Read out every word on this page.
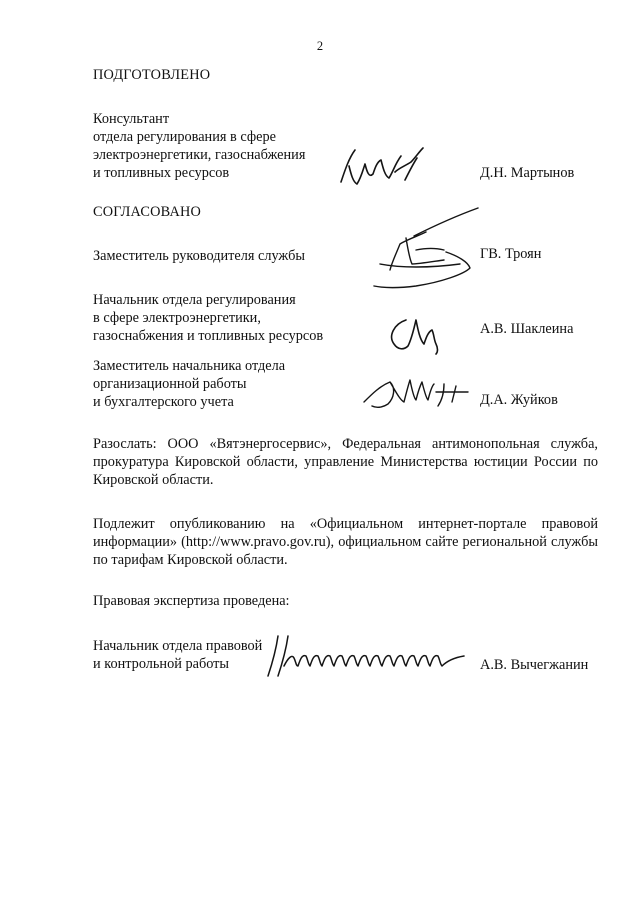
2

ПОДГОТОВЛЕНО

Консультант
отдела регулирования в сфере
электроэнергетики, газоснабжения
и топливных ресурсов	Д.Н. Мартынов

СОГЛАСОВАНО

Заместитель руководителя службы	ГВ. Троян

Начальник отдела регулирования
в сфере электроэнергетики,
газоснабжения и топливных ресурсов	А.В. Шаклеина

Заместитель начальника отдела
организационной работы
и бухгалтерского учета	Д.А. Жуйков

Разослать: ООО «Вятэнергосервис», Федеральная антимонопольная служба, прокуратура Кировской области, управление Министерства юстиции России по Кировской области.

Подлежит опубликованию на «Официальном интернет-портале правовой информации» (http://www.pravo.gov.ru), официальном сайте региональной службы по тарифам Кировской области.

Правовая экспертиза проведена:

Начальник отдела правовой
и контрольной работы	А.В. Вычегжанин
